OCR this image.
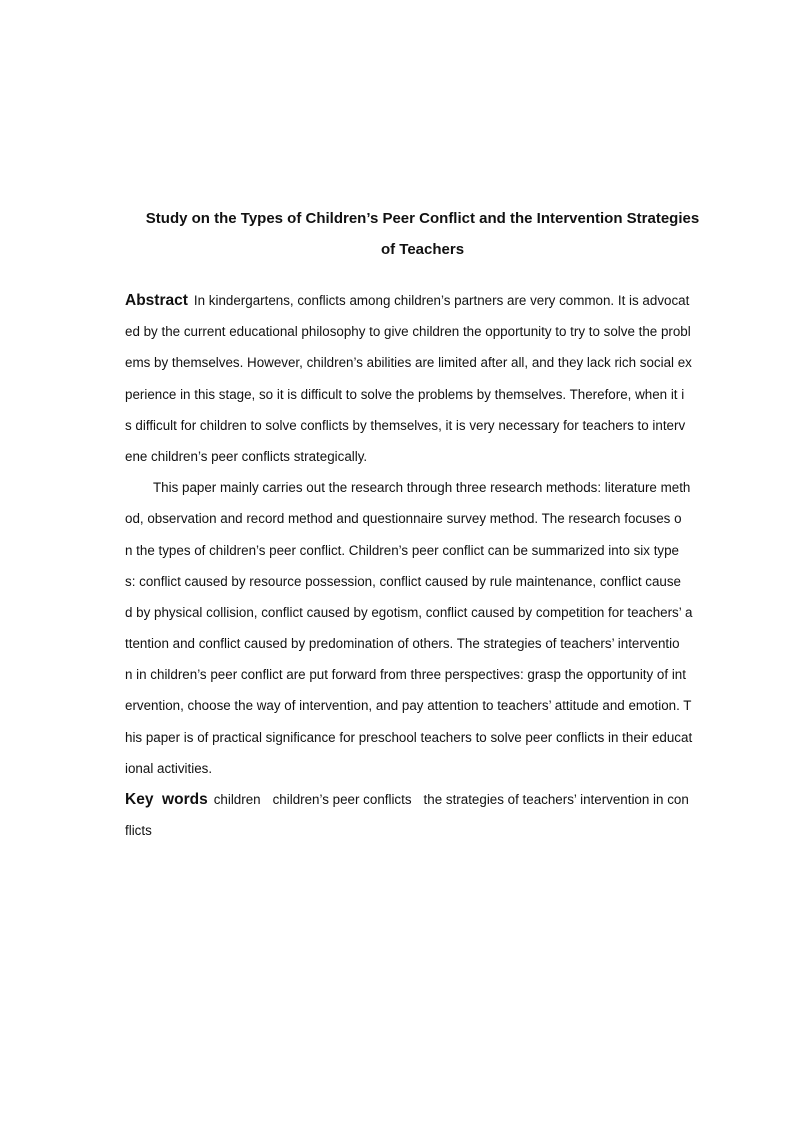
Study on the Types of Children’s Peer Conflict and the Intervention Strategies
of Teachers
Abstract In kindergartens, conflicts among children’s partners are very common. It is advocat
ed by the current educational philosophy to give children the opportunity to try to solve the probl
ems by themselves. However, children’s abilities are limited after all, and they lack rich social ex
perience in this stage, so it is difficult to solve the problems by themselves. Therefore, when it i
s difficult for children to solve conflicts by themselves, it is very necessary for teachers to interv
ene children’s peer conflicts strategically.
This paper mainly carries out the research through three research methods: literature meth
od, observation and record method and questionnaire survey method. The research focuses o
n the types of children’s peer conflict. Children’s peer conflict can be summarized into six type
s: conflict caused by resource possession, conflict caused by rule maintenance, conflict cause
d by physical collision, conflict caused by egotism, conflict caused by competition for teachers’ a
ttention and conflict caused by predomination of others. The strategies of teachers’ interventio
n in children’s peer conflict are put forward from three perspectives: grasp the opportunity of int
ervention, choose the way of intervention, and pay attention to teachers’ attitude and emotion. T
his paper is of practical significance for preschool teachers to solve peer conflicts in their educat
ional activities.
Key  words children children’s peer conflicts the strategies of teachers’ intervention in con
flicts
